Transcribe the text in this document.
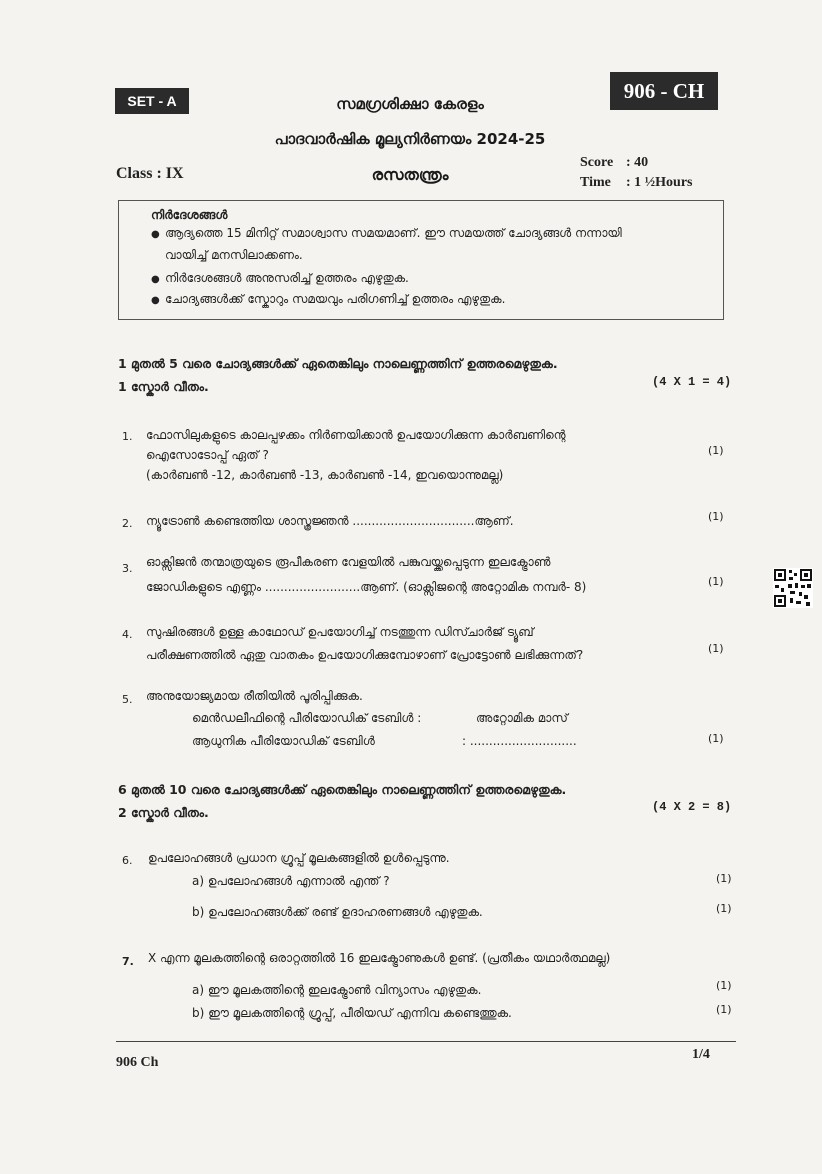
SET - A	906 - CH
സമഗ്രശിക്ഷാ കേരളം
പാദവാർഷിക മൂല്യനിർണയം 2024-25
രസതന്ത്രം
Class : IX
Score : 40
Time : 1 ½Hours
നിർദേശങ്ങൾ
● ആദ്യത്തെ 15 മിനിറ്റ് സമാശ്വാസ സമയമാണ്. ഈ സമയത്ത് ചോദ്യങ്ങൾ നന്നായി
വായിച്ച് മനസിലാക്കണം.
● നിർദേശങ്ങൾ അനുസരിച്ച് ഉത്തരം എഴുതുക.
● ചോദ്യങ്ങൾക്ക് സ്കോറും സമയവും പരിഗണിച്ച് ഉത്തരം എഴുതുക.
1 മുതൽ 5 വരെ ചോദ്യങ്ങൾക്ക് ഏതെങ്കിലും നാലെണ്ണത്തിന് ഉത്തരമെഴുതുക.
1 സ്കോർ വീതം.	(4 X 1 = 4)
1. ഫോസിലുകളുടെ കാലപ്പഴക്കം നിർണയിക്കാൻ ഉപയോഗിക്കുന്ന കാർബണിന്റെ
ഐസോടോപ്പ് ഏത് ?
(കാർബൺ -12, കാർബൺ -13, കാർബൺ -14, ഇവയൊന്നുമല്ല)
(1)
2. ന്യൂട്രോൺ കണ്ടെത്തിയ ശാസ്ത്രജ്ഞൻ ................................ആണ്.	(1)
3. ഓക്സിജൻ തന്മാത്രയുടെ രൂപീകരണ വേളയിൽ പങ്കുവയ്ക്കപ്പെടുന്ന ഇലക്ട്രോൺ
ജോഡികളുടെ എണ്ണം .........................ആണ്. (ഓക്സിജന്റെ അറ്റോമിക നമ്പർ- 8)	(1)
4. സുഷിരങ്ങൾ ഉള്ള കാഥോഡ് ഉപയോഗിച്ച് നടത്തുന്ന ഡിസ്ചാർജ് ട്യൂബ്
പരീക്ഷണത്തിൽ ഏതു വാതകം ഉപയോഗിക്കുമ്പോഴാണ് പ്രോട്ടോൺ ലഭിക്കുന്നത്?	(1)
5. അനുയോജ്യമായ രീതിയിൽ പൂരിപ്പിക്കുക.
മെൻഡലീഫിന്റെ പീരിയോഡിക് ടേബിൾ :	അറ്റോമിക മാസ്
ആധുനിക പീരിയോഡിക് ടേബിൾ	: ............................	(1)
6 മുതൽ 10 വരെ ചോദ്യങ്ങൾക്ക് ഏതെങ്കിലും നാലെണ്ണത്തിന് ഉത്തരമെഴുതുക.
2 സ്കോർ വീതം.	(4 X 2 = 8)
6. ഉപലോഹങ്ങൾ പ്രധാന ഗ്രൂപ്പ് മൂലകങ്ങളിൽ ഉൾപ്പെടുന്നു.
a) ഉപലോഹങ്ങൾ എന്നാൽ എന്ത് ?	(1)
b) ഉപലോഹങ്ങൾക്ക് രണ്ട് ഉദാഹരണങ്ങൾ എഴുതുക.	(1)
7. X എന്ന മൂലകത്തിന്റെ ഒരാറ്റത്തിൽ 16 ഇലക്ട്രോണുകൾ ഉണ്ട്. (പ്രതീകം യഥാർത്ഥമല്ല)
a) ഈ മൂലകത്തിന്റെ ഇലക്ട്രോൺ വിന്യാസം എഴുതുക.	(1)
b) ഈ മൂലകത്തിന്റെ ഗ്രൂപ്പ്, പീരിയഡ് എന്നിവ കണ്ടെത്തുക.	(1)
906 Ch
1/4
